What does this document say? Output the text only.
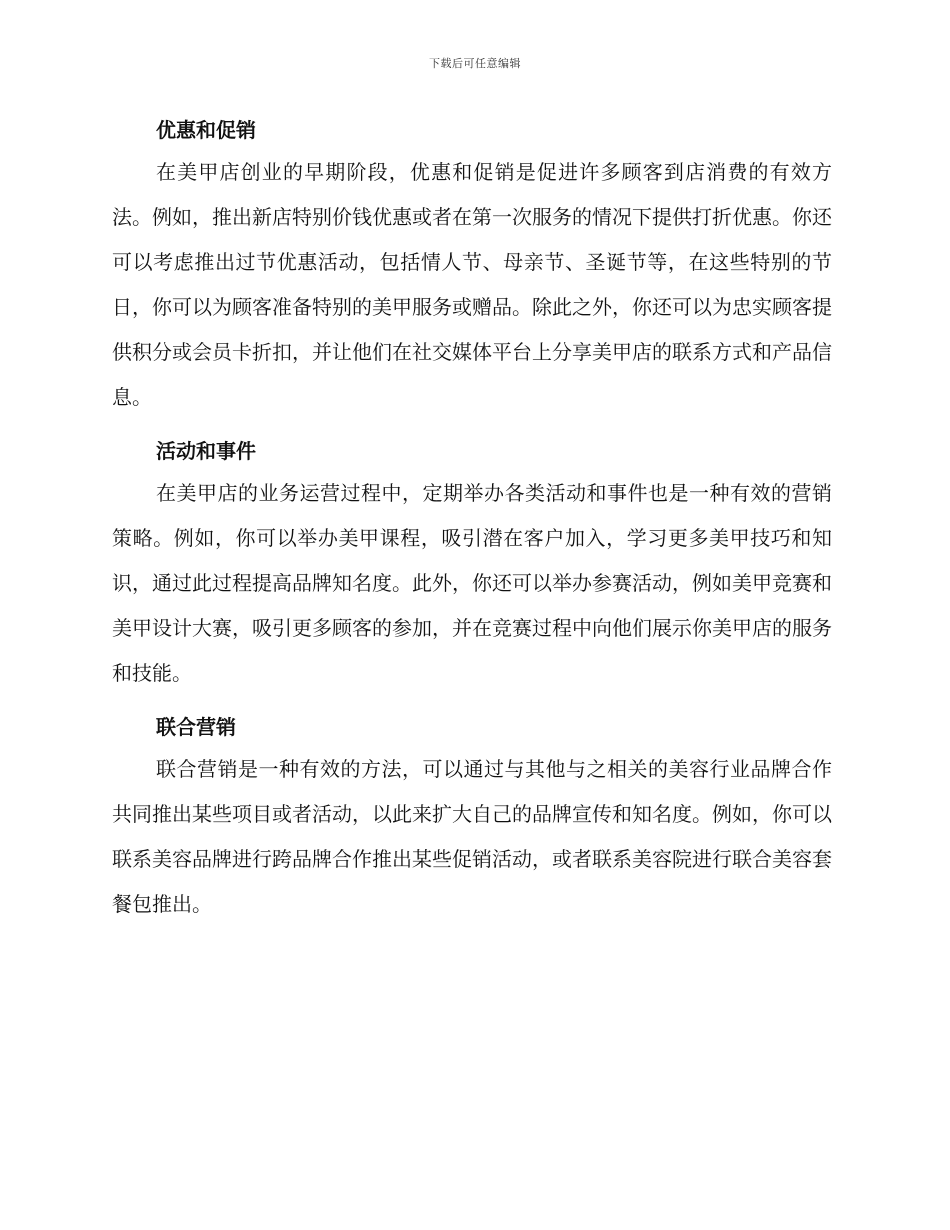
下载后可任意编辑
优惠和促销

在美甲店创业的早期阶段，优惠和促销是促进许多顾客到店消费的有效方法。例如，推出新店特别价钱优惠或者在第一次服务的情况下提供打折优惠。你还可以考虑推出过节优惠活动，包括情人节、母亲节、圣诞节等，在这些特别的节日，你可以为顾客准备特别的美甲服务或赠品。除此之外，你还可以为忠实顾客提供积分或会员卡折扣，并让他们在社交媒体平台上分享美甲店的联系方式和产品信息。

活动和事件

在美甲店的业务运营过程中，定期举办各类活动和事件也是一种有效的营销策略。例如，你可以举办美甲课程，吸引潜在客户加入，学习更多美甲技巧和知识，通过此过程提高品牌知名度。此外，你还可以举办参赛活动，例如美甲竞赛和美甲设计大赛，吸引更多顾客的参加，并在竞赛过程中向他们展示你美甲店的服务和技能。

联合营销

联合营销是一种有效的方法，可以通过与其他与之相关的美容行业品牌合作共同推出某些项目或者活动，以此来扩大自己的品牌宣传和知名度。例如，你可以联系美容品牌进行跨品牌合作推出某些促销活动，或者联系美容院进行联合美容套餐包推出。
